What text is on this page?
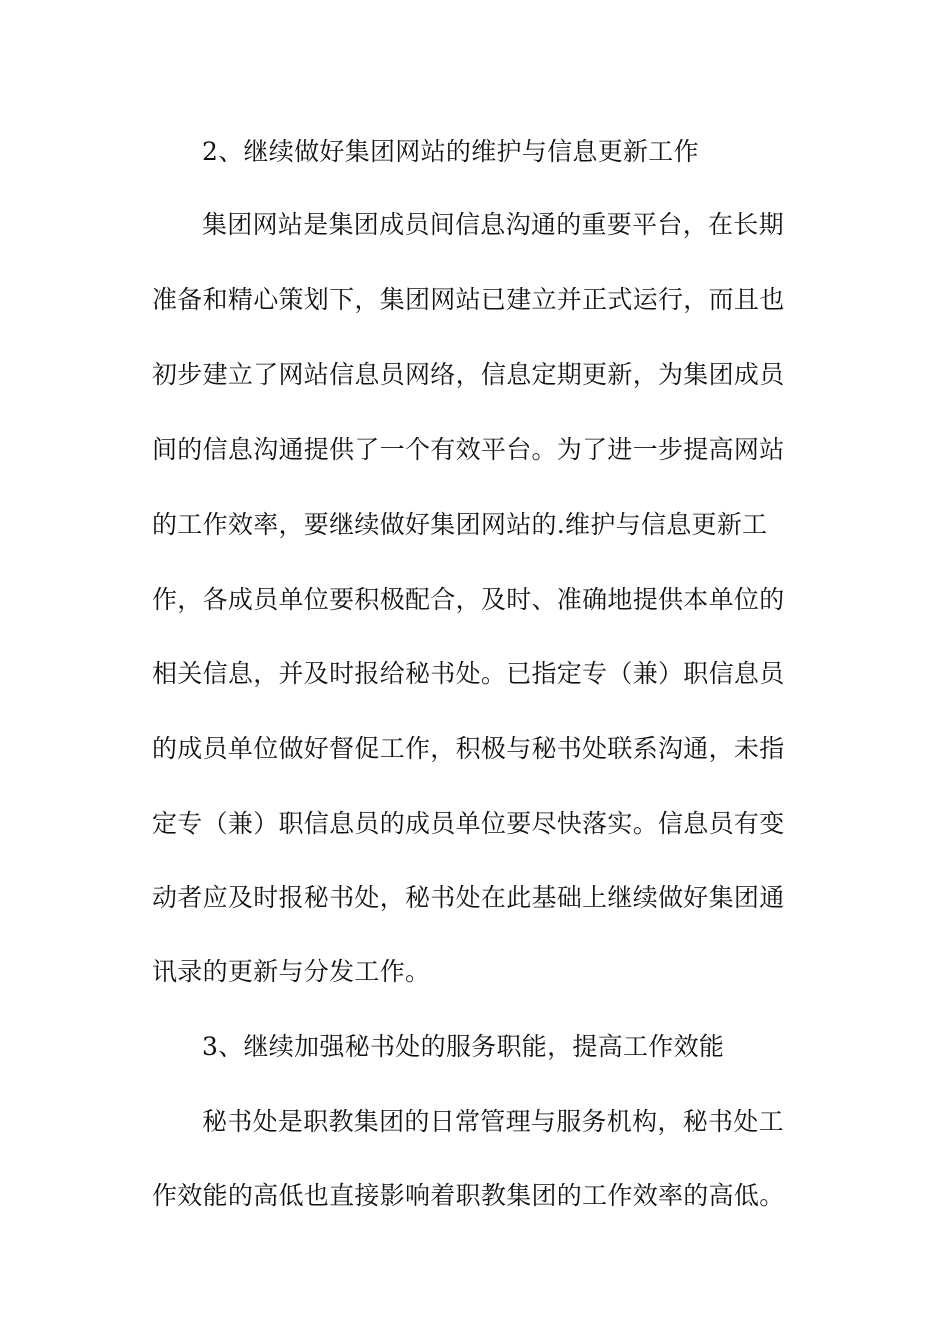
2、继续做好集团网站的维护与信息更新工作
集团网站是集团成员间信息沟通的重要平台，在长期
准备和精心策划下，集团网站已建立并正式运行，而且也
初步建立了网站信息员网络，信息定期更新，为集团成员
间的信息沟通提供了一个有效平台。为了进一步提高网站
的工作效率，要继续做好集团网站的.维护与信息更新工
作，各成员单位要积极配合，及时、准确地提供本单位的
相关信息，并及时报给秘书处。已指定专（兼）职信息员
的成员单位做好督促工作，积极与秘书处联系沟通，未指
定专（兼）职信息员的成员单位要尽快落实。信息员有变
动者应及时报秘书处，秘书处在此基础上继续做好集团通
讯录的更新与分发工作。
3、继续加强秘书处的服务职能，提高工作效能
秘书处是职教集团的日常管理与服务机构，秘书处工
作效能的高低也直接影响着职教集团的工作效率的高低。
